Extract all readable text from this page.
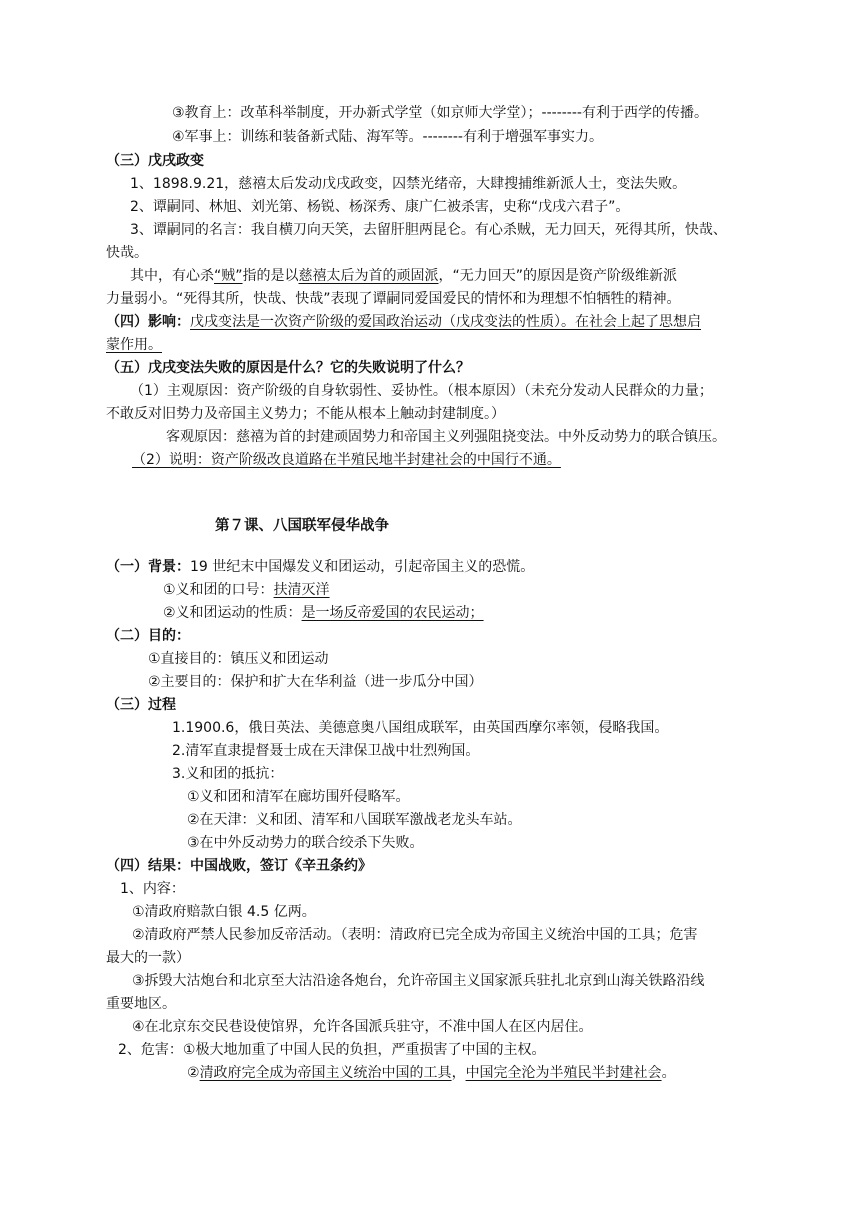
③教育上：改革科举制度，开办新式学堂（如京师大学堂）；--------有利于西学的传播。
④军事上：训练和装备新式陆、海军等。--------有利于增强军事实力。
（三）戊戌政变
1、1898.9.21，慈禧太后发动戊戌政变，囚禁光绪帝，大肆搜捕维新派人士，变法失败。
2、谭嗣同、林旭、刘光第、杨锐、杨深秀、康广仁被杀害，史称“戊戌六君子”。
3、谭嗣同的名言：我自横刀向天笑，去留肝胆两昆仑。有心杀贼，无力回天，死得其所，快哉、
快哉。
其中，有心杀“贼”指的是以慈禧太后为首的顽固派，“无力回天”的原因是资产阶级维新派
力量弱小。“死得其所，快哉、快哉”表现了谭嗣同爱国爱民的情怀和为理想不怕牺牲的精神。
（四）影响：戊戌变法是一次资产阶级的爱国政治运动（戊戌变法的性质）。在社会上起了思想启
蒙作用。
（五）戊戌变法失败的原因是什么？它的失败说明了什么？
（1）主观原因：资产阶级的自身软弱性、妥协性。（根本原因）（未充分发动人民群众的力量；
不敢反对旧势力及帝国主义势力；不能从根本上触动封建制度。）
客观原因：慈禧为首的封建顽固势力和帝国主义列强阻挠变法。中外反动势力的联合镇压。
（2）说明：资产阶级改良道路在半殖民地半封建社会的中国行不通。
第７课、八国联军侵华战争
（一）背景：19 世纪末中国爆发义和团运动，引起帝国主义的恐慌。
①义和团的口号：扶清灭洋
②义和团运动的性质：是一场反帝爱国的农民运动；
（二）目的：
①直接目的：镇压义和团运动
②主要目的：保护和扩大在华利益（进一步瓜分中国）
（三）过程
1.1900.6，俄日英法、美德意奥八国组成联军，由英国西摩尔率领，侵略我国。
2.清军直隶提督聂士成在天津保卫战中壮烈殉国。
3.义和团的抵抗：
①义和团和清军在廊坊围歼侵略军。
②在天津：义和团、清军和八国联军激战老龙头车站。
③在中外反动势力的联合绞杀下失败。
（四）结果：中国战败，签订《辛丑条约》
1、内容：
①清政府赔款白银 4.5 亿两。
②清政府严禁人民参加反帝活动。（表明：清政府已完全成为帝国主义统治中国的工具；危害
最大的一款）
③拆毁大沽炮台和北京至大沽沿途各炮台，允许帝国主义国家派兵驻扎北京到山海关铁路沿线
重要地区。
④在北京东交民巷设使馆界，允许各国派兵驻守，不准中国人在区内居住。
2、危害：①极大地加重了中国人民的负担，严重损害了中国的主权。
②清政府完全成为帝国主义统治中国的工具，中国完全沦为半殖民半封建社会。
